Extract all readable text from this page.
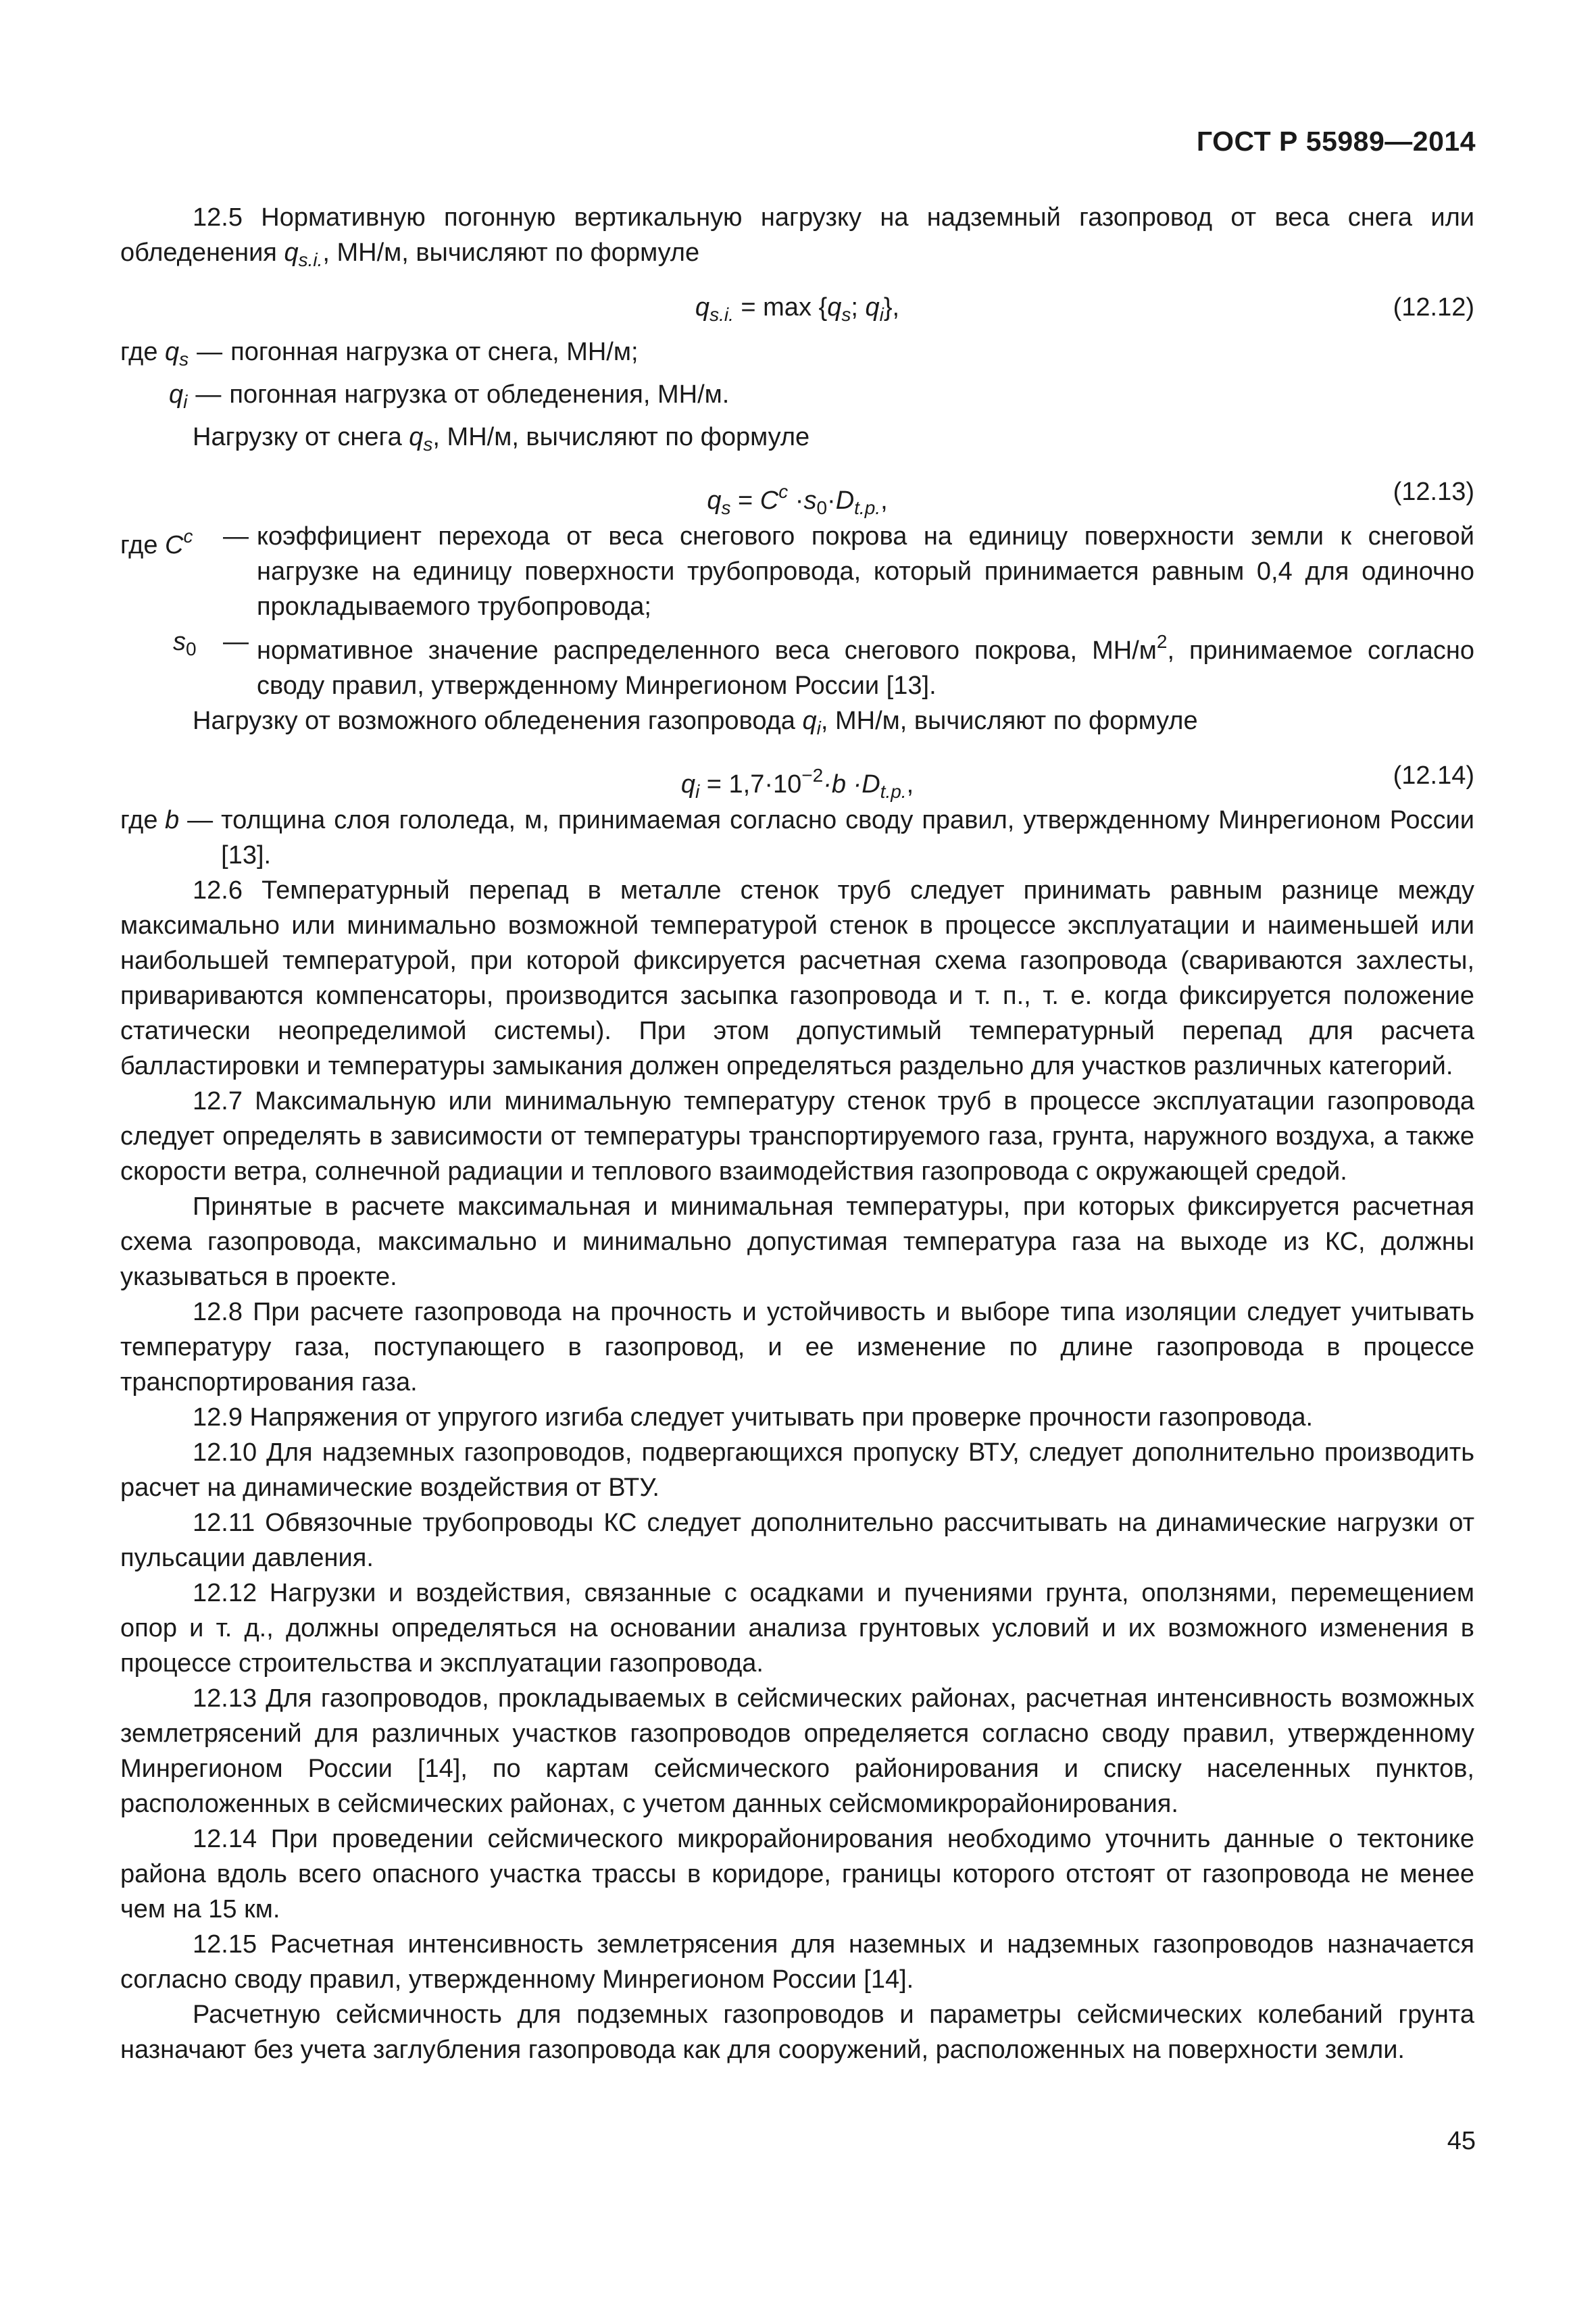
ГОСТ Р 55989—2014

12.5 Нормативную погонную вертикальную нагрузку на надземный газопровод от веса снега или обледенения $q_{s.i.}$, МН/м, вычисляют по формуле

$q_{s.i.} = \max \{q_s$; $q_i$},	(12.12)
где $q_s$ — погонная нагрузка от снега, МН/м;
$q_i$ — погонная нагрузка от обледенения, МН/м.

Нагрузку от снега $q_s$, МН/м, вычисляют по формуле

$q_s = C^c \cdot s_0\cdot D_{t.p.}$,	(12.13)
где $C^c$	— коэффициент перехода от веса снегового покрова на единицу поверхности земли к снеговой нагрузке на единицу поверхности трубопровода, который принимается равным 0,4 для одиночно прокладываемого трубопровода;
$s_0$	— нормативное значение распределенного веса снегового покрова, $МН/м^2$, принимаемое согласно своду правил, утвержденному Минрегионом России [13].

Нагрузку от возможного обледенения газопровода $q_i$, МН/м, вычисляют по формуле

$q_i = 1,7\cdot 10^{-2}\cdot b \cdot D_{t.p.}$,	(12.14)
где b — толщина слоя гололеда, м, принимаемая согласно своду правил, утвержденному Минрегионом России [13].

12.6 Температурный перепад в металле стенок труб следует принимать равным разнице между максимально или минимально возможной температурой стенок в процессе эксплуатации и наименьшей или наибольшей температурой, при которой фиксируется расчетная схема газопровода (свариваются захлесты, привариваются компенсаторы, производится засыпка газопровода и т. п., т. е. когда фиксируется положение статически неопределимой системы). При этом допустимый температурный перепад для расчета балластировки и температуры замыкания должен определяться раздельно для участков различных категорий.

12.7 Максимальную или минимальную температуру стенок труб в процессе эксплуатации газопровода следует определять в зависимости от температуры транспортируемого газа, грунта, наружного воздуха, а также скорости ветра, солнечной радиации и теплового взаимодействия газопровода с окружающей средой.

Принятые в расчете максимальная и минимальная температуры, при которых фиксируется расчетная схема газопровода, максимально и минимально допустимая температура газа на выходе из КС, должны указываться в проекте.

12.8 При расчете газопровода на прочность и устойчивость и выборе типа изоляции следует учитывать температуру газа, поступающего в газопровод, и ее изменение по длине газопровода в процессе транспортирования газа.

12.9 Напряжения от упругого изгиба следует учитывать при проверке прочности газопровода.

12.10 Для надземных газопроводов, подвергающихся пропуску ВТУ, следует дополнительно производить расчет на динамические воздействия от ВТУ.

12.11 Обвязочные трубопроводы КС следует дополнительно рассчитывать на динамические нагрузки от пульсации давления.

12.12 Нагрузки и воздействия, связанные с осадками и пучениями грунта, оползнями, перемещением опор и т. д., должны определяться на основании анализа грунтовых условий и их возможного изменения в процессе строительства и эксплуатации газопровода.

12.13 Для газопроводов, прокладываемых в сейсмических районах, расчетная интенсивность возможных землетрясений для различных участков газопроводов определяется согласно своду правил, утвержденному Минрегионом России [14], по картам сейсмического районирования и списку населенных пунктов, расположенных в сейсмических районах, с учетом данных сейсмомикрорайонирования.

12.14 При проведении сейсмического микрорайонирования необходимо уточнить данные о тектонике района вдоль всего опасного участка трассы в коридоре, границы которого отстоят от газопровода не менее чем на 15 км.

12.15 Расчетная интенсивность землетрясения для наземных и надземных газопроводов назначается согласно своду правил, утвержденному Минрегионом России [14].

Расчетную сейсмичность для подземных газопроводов и параметры сейсмических колебаний грунта назначают без учета заглубления газопровода как для сооружений, расположенных на поверхности земли.

45
